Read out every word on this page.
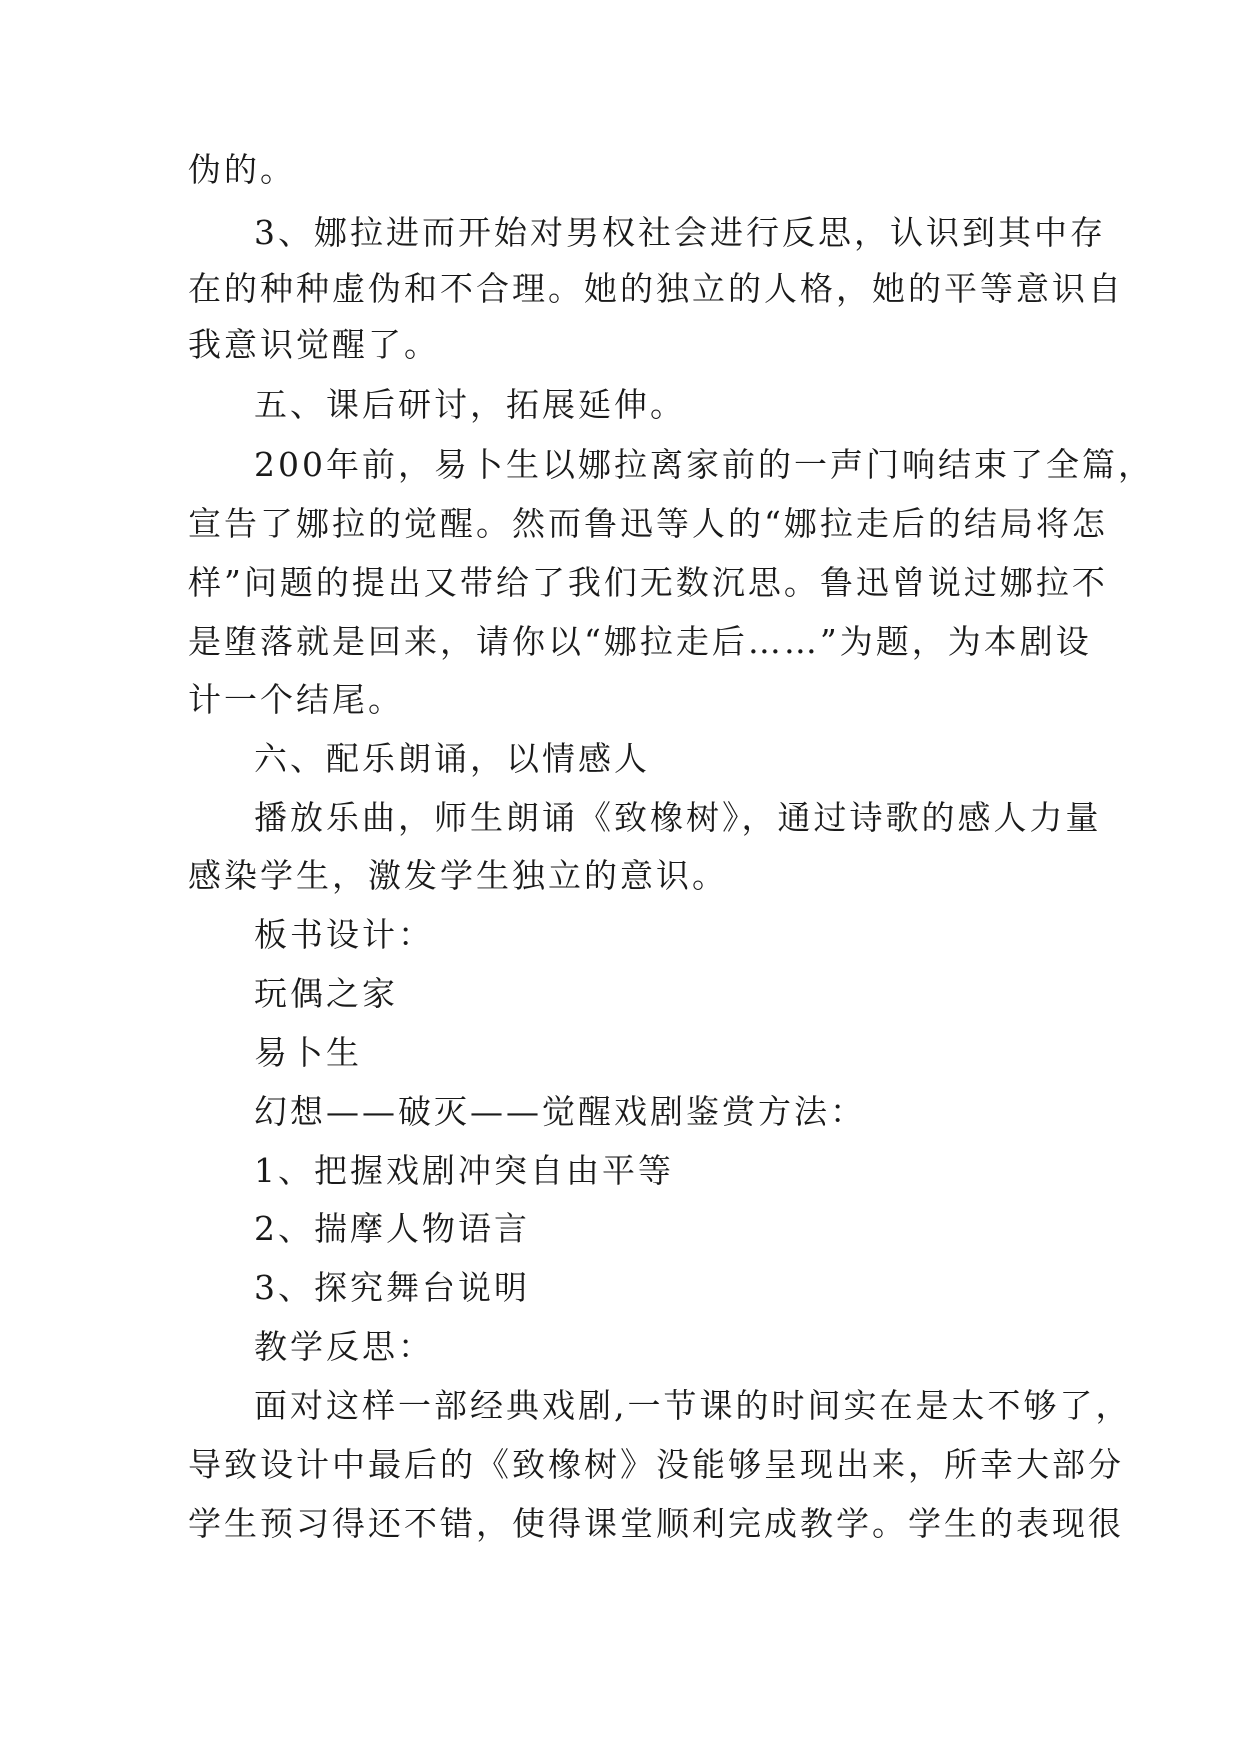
伪的。
3、娜拉进而开始对男权社会进行反思，认识到其中存
在的种种虚伪和不合理。她的独立的人格，她的平等意识自
我意识觉醒了。
五、课后研讨，拓展延伸。
200年前，易卜生以娜拉离家前的一声门响结束了全篇，
宣告了娜拉的觉醒。然而鲁迅等人的“娜拉走后的结局将怎
样”问题的提出又带给了我们无数沉思。鲁迅曾说过娜拉不
是堕落就是回来，请你以“娜拉走后……”为题，为本剧设
计一个结尾。
六、配乐朗诵，以情感人
播放乐曲，师生朗诵《致橡树》，通过诗歌的感人力量
感染学生，激发学生独立的意识。
板书设计：
玩偶之家
易卜生
幻想——破灭——觉醒戏剧鉴赏方法：
1、把握戏剧冲突自由平等
2、揣摩人物语言
3、探究舞台说明
教学反思：
面对这样一部经典戏剧,一节课的时间实在是太不够了，
导致设计中最后的《致橡树》没能够呈现出来，所幸大部分
学生预习得还不错，使得课堂顺利完成教学。学生的表现很
